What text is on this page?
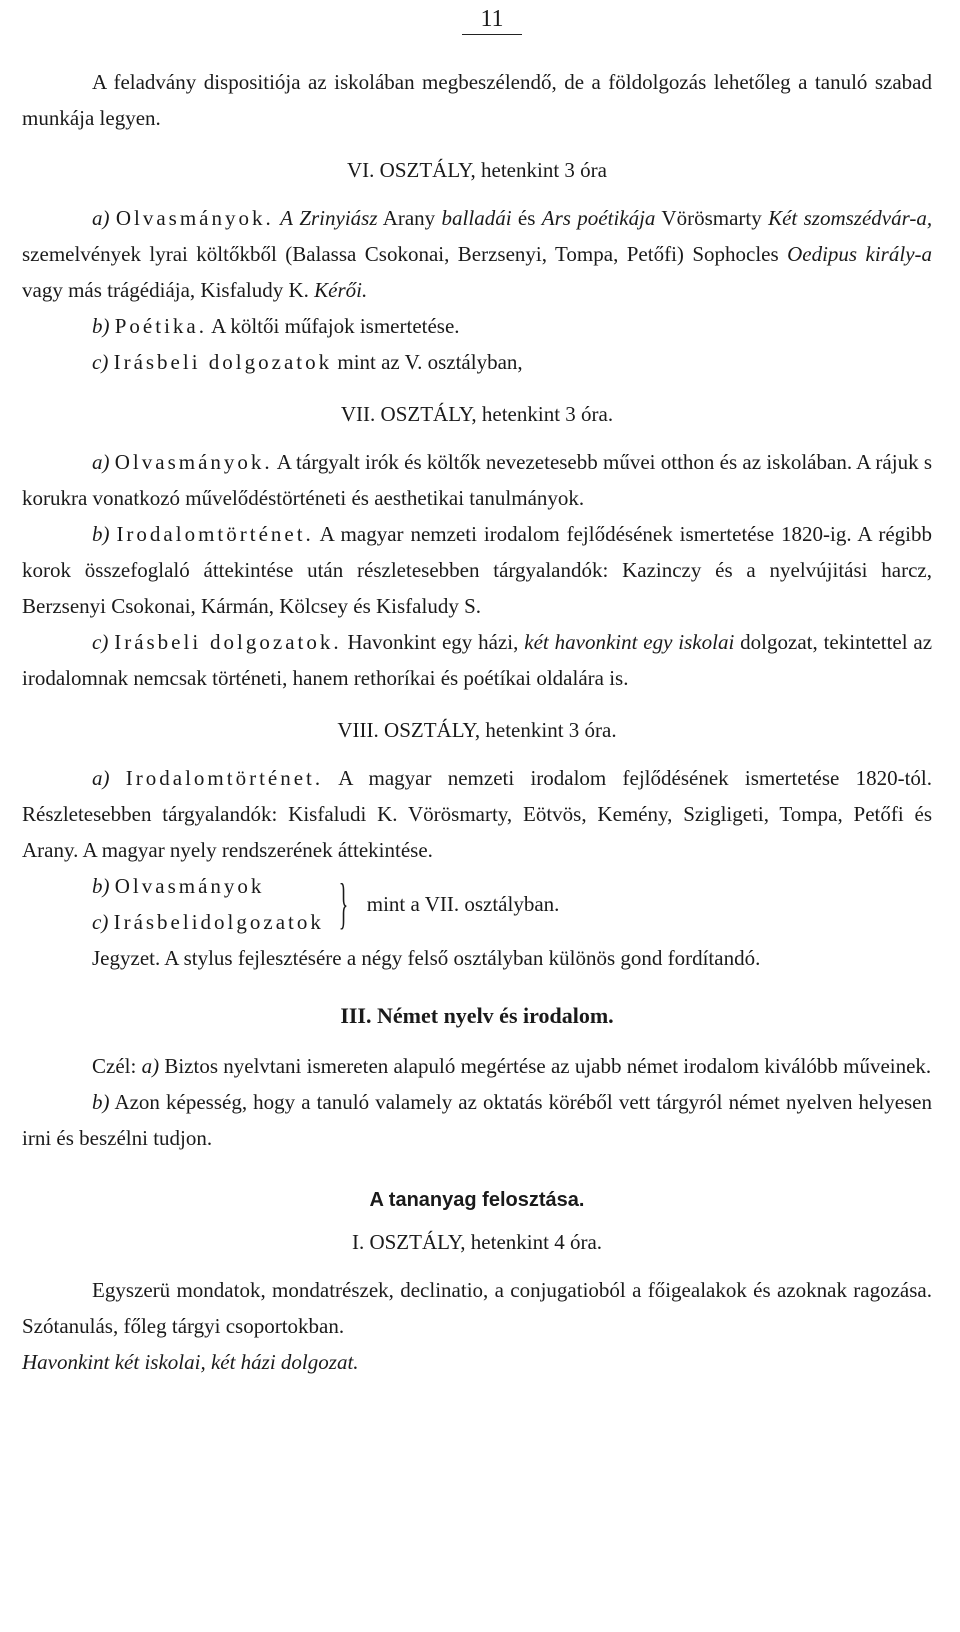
11

A feladvány dispositiója az iskolában megbeszélendő, de a földolgozás lehetőleg a tanuló szabad munkája legyen.

VI. OSZTÁLY, hetenkint 3 óra

a) Olvasmányok. A Zrinyiász Arany balladái és Ars poétikája Vörösmarty Két szomszédvár-a, szemelvények lyrai költőkből (Balassa Csokonai, Berzsenyi, Tompa, Petőfi) Sophocles Oedipus király-a vagy más trágédiája, Kisfaludy K. Kérői.

b) Poétika. A költői műfajok ismertetése.

c) Irásbeli dolgozatok mint az V. osztályban,

VII. OSZTÁLY, hetenkint 3 óra.

a) Olvasmányok. A tárgyalt irók és költők nevezetesebb művei otthon és az iskolában. A rájuk s korukra vonatkozó művelődéstörténeti és aesthetikai tanulmányok.

b) Irodalomtörténet. A magyar nemzeti irodalom fejlődésének ismertetése 1820-ig. A régibb korok összefoglaló áttekintése után részletesebben tárgyalandók: Kazinczy és a nyelvújitási harcz, Berzsenyi Csokonai, Kármán, Kölcsey és Kisfaludy S.

c) Irásbeli dolgozatok. Havonkint egy házi, két havonkint egy iskolai dolgozat, tekintettel az irodalomnak nemcsak történeti, hanem rethoríkai és poétíkai oldalára is.

VIII. OSZTÁLY, hetenkint 3 óra.

a) Irodalomtörténet. A magyar nemzeti irodalom fejlődésének ismertetése 1820-tól. Részletesebben tárgyalandók: Kisfaludi K. Vörösmarty, Eötvös, Kemény, Szigligeti, Tompa, Petőfi és Arany. A magyar nyely rendszerének áttekintése.

b) Olvasmányok
c) Irásbelidolgozatok } mint a VII. osztályban.

Jegyzet. A stylus fejlesztésére a négy felső osztályban különös gond fordítandó.

III. Német nyelv és irodalom.

Czél: a) Biztos nyelvtani ismereten alapuló megértése az ujabb német irodalom kiválóbb műveinek.

b) Azon képesség, hogy a tanuló valamely az oktatás köréből vett tárgyról német nyelven helyesen irni és beszélni tudjon.

A tananyag felosztása.

I. OSZTÁLY, hetenkint 4 óra.

Egyszerü mondatok, mondatrészek, declinatio, a conjugatioból a főigealakok és azoknak ragozása. Szótanulás, főleg tárgyi csoportokban.

Havonkint két iskolai, két házi dolgozat.
